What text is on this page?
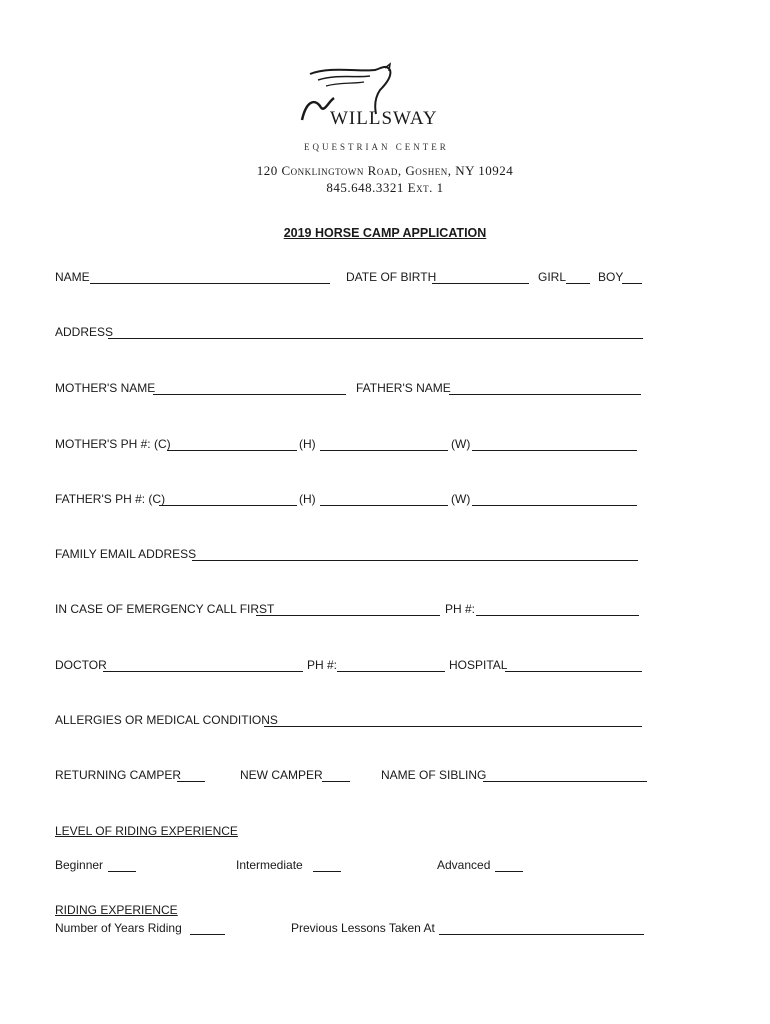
WILLSWAY
EQUESTRIAN CENTER
120 Conklingtown Road, Goshen, NY 10924
845.648.3321 Ext. 1
2019 HORSE CAMP APPLICATION
NAME	DATE OF BIRTH	GIRL	BOY
ADDRESS
MOTHER'S NAME	FATHER'S NAME
MOTHER'S PH #: (C)	(H)	(W)
FATHER'S PH #: (C)	(H)	(W)
FAMILY EMAIL ADDRESS
IN CASE OF EMERGENCY CALL FIRST	PH #:
DOCTOR	PH #:	HOSPITAL
ALLERGIES OR MEDICAL CONDITIONS
RETURNING CAMPER	NEW CAMPER	NAME OF SIBLING
LEVEL OF RIDING EXPERIENCE
Beginner	Intermediate	Advanced
RIDING EXPERIENCE
Number of Years Riding	Previous Lessons Taken At
